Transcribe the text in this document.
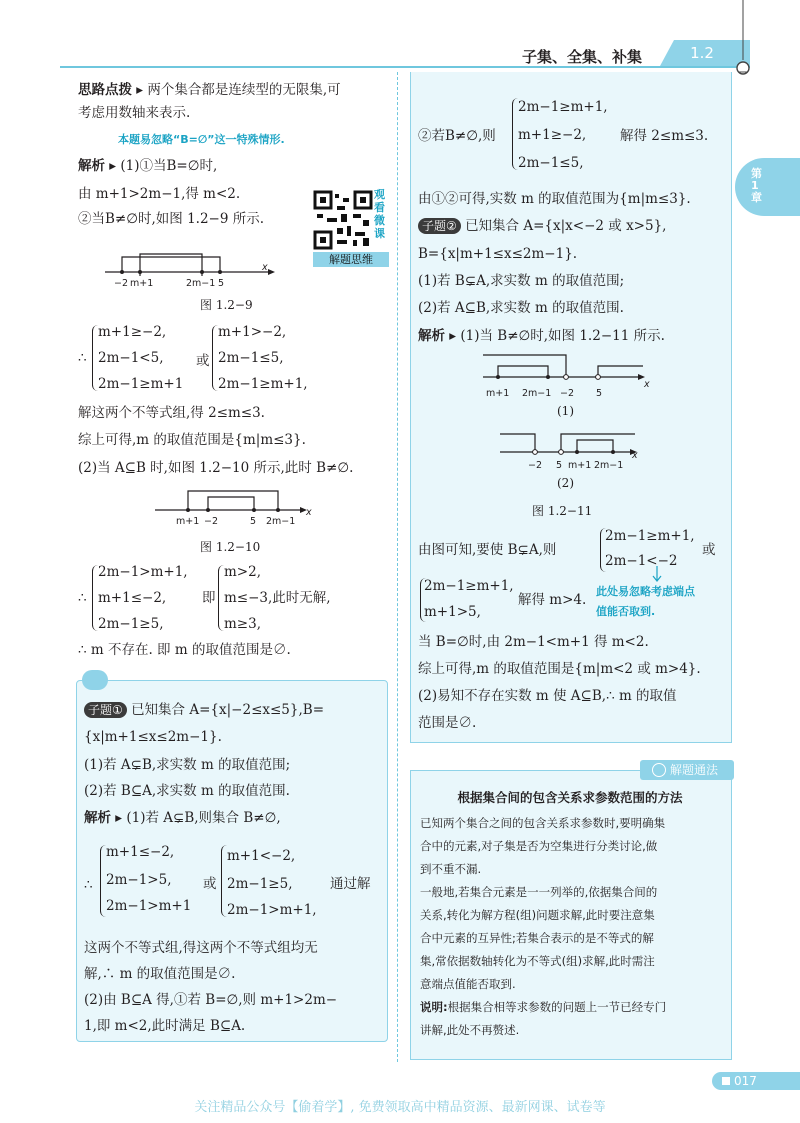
子集、全集、补集	1.2
第1章
思路点拨 ▸ 两个集合都是连续型的无限集,可
考虑用数轴来表示.
本题易忽略“B=∅”这一特殊情形.
解析 ▸ (1)①当B=∅时,
由 m+1>2m−1,得 m<2.
②当B≠∅时,如图 1.2−9 所示.
观看微课
解题思维
−2 m+1	2m−1 5
x
图 1.2−9
∴
m+1≥−2,
2m−1<5,
2m−1≥m+1
或
m+1>−2,
2m−1≤5,
2m−1≥m+1,
解这两个不等式组,得 2≤m≤3.
综上可得,m 的取值范围是{m|m≤3}.
(2)当 A⊆B 时,如图 1.2−10 所示,此时 B≠∅.
m+1 −2	5 2m−1
x
图 1.2−10
∴
2m−1>m+1,
m+1≤−2,
2m−1≥5,
即
m>2,
m≤−3,此时无解,
m≥3,
∴ m 不存在. 即 m 的取值范围是∅.
子题① 已知集合 A={x|−2≤x≤5},B=
{x|m+1≤x≤2m−1}.
(1)若 A⊊B,求实数 m 的取值范围;
(2)若 B⊆A,求实数 m 的取值范围.
解析 ▸ (1)若 A⊊B,则集合 B≠∅,
∴
m+1≤−2,
2m−1>5,
2m−1>m+1
或
m+1<−2,
2m−1≥5,
2m−1>m+1,
通过解
这两个不等式组,得这两个不等式组均无
解,∴ m 的取值范围是∅.
(2)由 B⊆A 得,①若 B=∅,则 m+1>2m−
1,即 m<2,此时满足 B⊆A.
②若B≠∅,则
2m−1≥m+1,
m+1≥−2,
2m−1≤5,
解得 2≤m≤3.
由①②可得,实数 m 的取值范围为{m|m≤3}.
子题② 已知集合 A={x|x<−2 或 x>5},
B={x|m+1≤x≤2m−1}.
(1)若 B⊊A,求实数 m 的取值范围;
(2)若 A⊆B,求实数 m 的取值范围.
解析 ▸ (1)当 B≠∅时,如图 1.2−11 所示.
m+1 2m−1 −2 5
x
(1)
−2 5 m+1 2m−1
x
(2)
图 1.2−11
由图可知,要使 B⊊A,则
2m−1≥m+1,
2m−1<−2
或
2m−1≥m+1,
m+1>5,
解得 m>4.
此处易忽略考虑端点
值能否取到.
当 B=∅时,由 2m−1<m+1 得 m<2.
综上可得,m 的取值范围是{m|m<2 或 m>4}.
(2)易知不存在实数 m 使 A⊆B,∴ m 的取值
范围是∅.
解题通法
根据集合间的包含关系求参数范围的方法
已知两个集合之间的包含关系求参数时,要明确集
合中的元素,对子集是否为空集进行分类讨论,做
到不重不漏.
一般地,若集合元素是一一列举的,依据集合间的
关系,转化为解方程(组)问题求解,此时要注意集
合中元素的互异性;若集合表示的是不等式的解
集,常依据数轴转化为不等式(组)求解,此时需注
意端点值能否取到.
说明:根据集合相等求参数的问题上一节已经专门
讲解,此处不再赘述.
017
关注精品公众号【偷着学】, 免费领取高中精品资源、最新网课、试卷等
